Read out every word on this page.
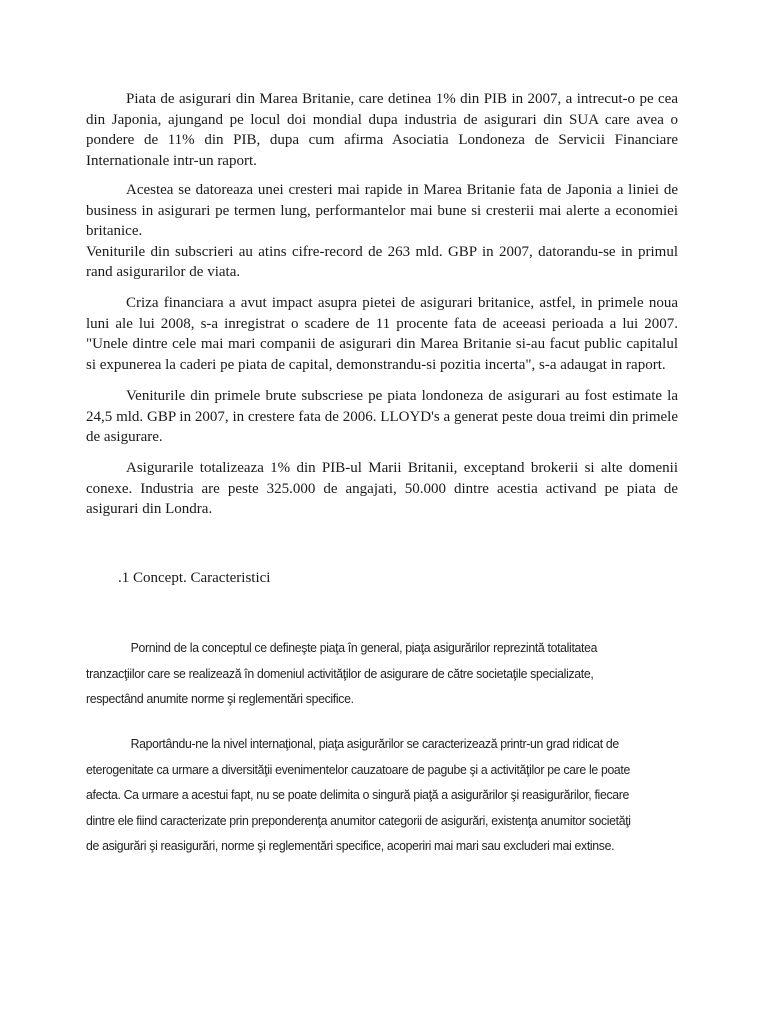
Piata de asigurari din Marea Britanie, care detinea 1% din PIB in 2007, a intrecut-o pe cea din Japonia, ajungand pe locul doi mondial dupa industria de asigurari din SUA care avea o pondere de 11% din PIB, dupa cum afirma Asociatia Londoneza de Servicii Financiare Internationale intr-un raport.

Acestea se datoreaza unei cresteri mai rapide in Marea Britanie fata de Japonia a liniei de business in asigurari pe termen lung, performantelor mai bune si cresterii mai alerte a economiei britanice.
Veniturile din subscrieri au atins cifre-record de 263 mld. GBP in 2007, datorandu-se in primul rand asigurarilor de viata.

Criza financiara a avut impact asupra pietei de asigurari britanice, astfel, in primele noua luni ale lui 2008, s-a inregistrat o scadere de 11 procente fata de aceeasi perioada a lui 2007. "Unele dintre cele mai mari companii de asigurari din Marea Britanie si-au facut public capitalul si expunerea la caderi pe piata de capital, demonstrandu-si pozitia incerta", s-a adaugat in raport.

Veniturile din primele brute subscriese pe piata londoneza de asigurari au fost estimate la 24,5 mld. GBP in 2007, in crestere fata de 2006. LLOYD's a generat peste doua treimi din primele de asigurare.

Asigurarile totalizeaza 1% din PIB-ul Marii Britanii, exceptand brokerii si alte domenii conexe. Industria are peste 325.000 de angajati, 50.000 dintre acestia activand pe piata de asigurari din Londra.

.1 Concept. Caracteristici

Pornind de la conceptul ce defineşte piaţa în general, piaţa asigurărilor reprezintă totalitatea tranzacţiilor care se realizează în domeniul activităţilor de asigurare de către societaţile specializate, respectând anumite norme şi reglementări specifice.

Raportându-ne la nivel internaţional, piaţa asigurărilor se caracterizează printr-un grad ridicat de eterogenitate ca urmare a diversităţii evenimentelor cauzatoare de pagube şi a activităţilor pe care le poate afecta. Ca urmare a acestui fapt, nu se poate delimita o singură piaţă a asigurărilor şi reasigurărilor, fiecare dintre ele fiind caracterizate prin preponderenţa anumitor categorii de asigurări, existenţa anumitor societăţi de asigurări şi reasigurări, norme şi reglementări specifice, acoperiri mai mari sau excluderi mai extinse.
